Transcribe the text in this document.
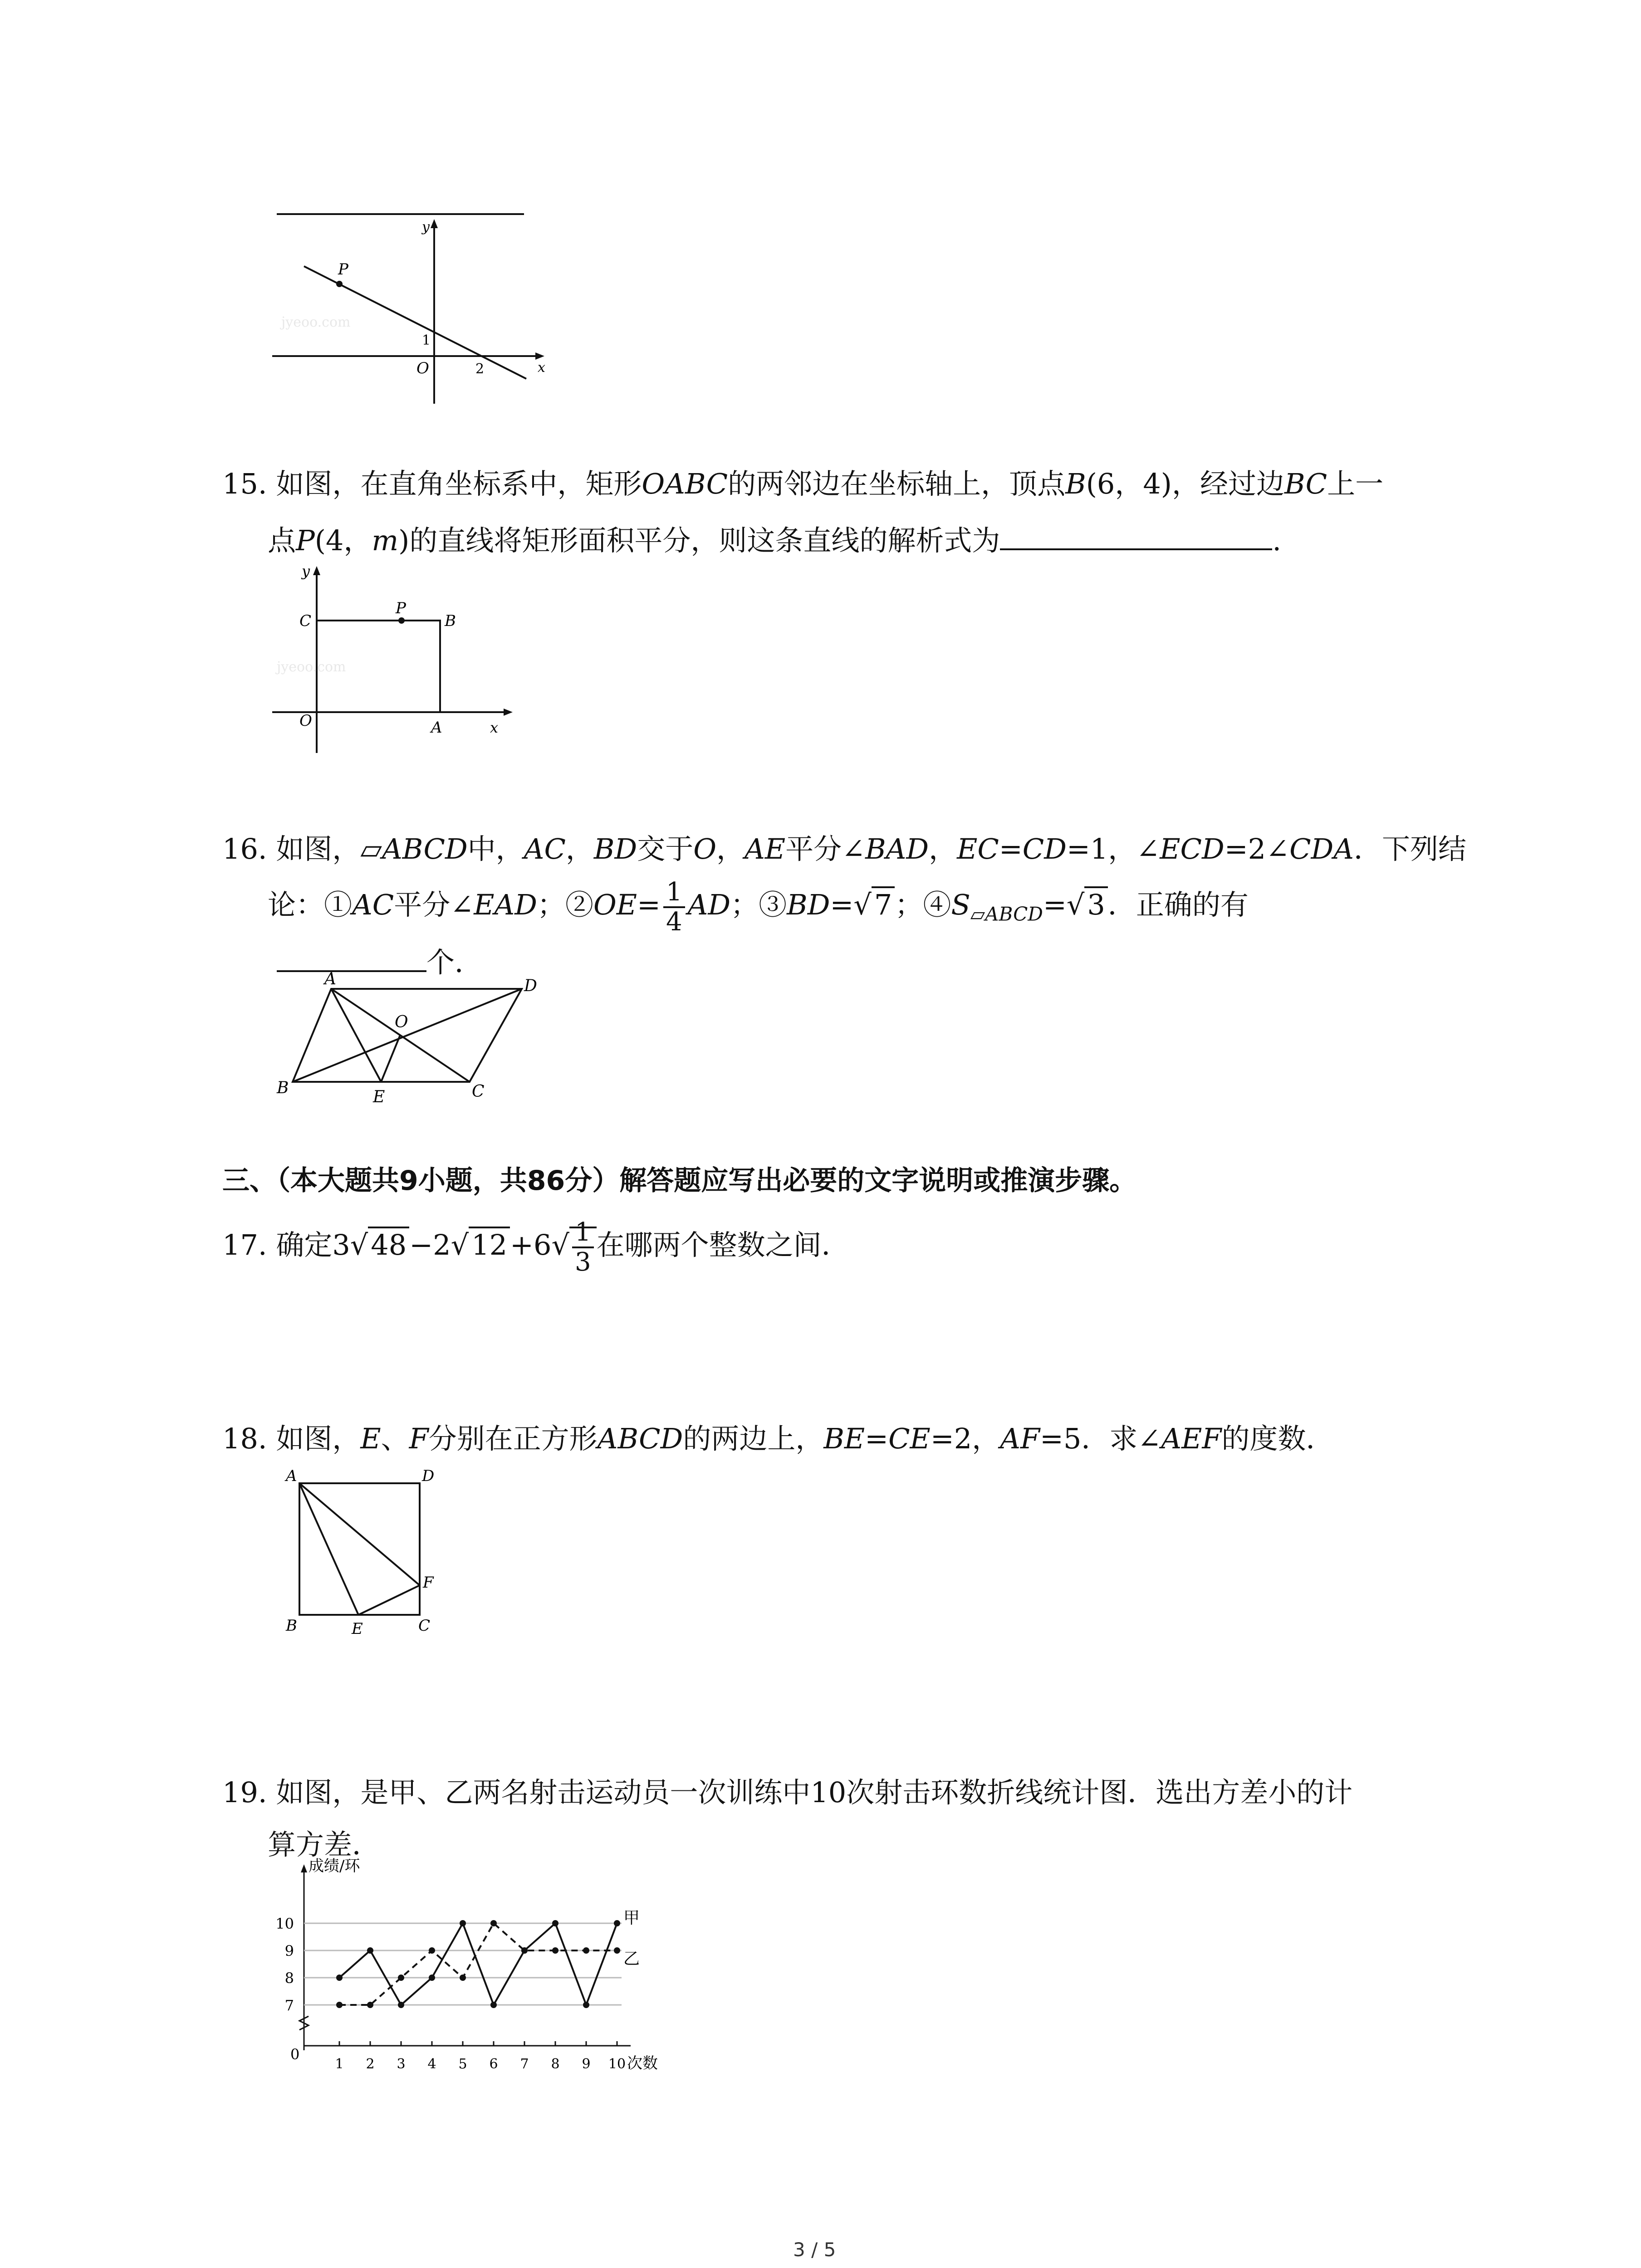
y
P
1
O	2	x
jyeoo.com
15. 如图，在直角坐标系中，矩形OABC的两邻边在坐标轴上，顶点B(6，4)，经过边BC上一
点P(4，m)的直线将矩形面积平分，则这条直线的解析式为	.
y
C
P
B
O	A	x
jyeoo.com
16. 如图，▱ABCD中，AC，BD交于O，AE平分∠BAD，EC=CD=1，∠ECD=2∠CDA．下列结
论：①AC平分∠EAD；②OE= $\frac{1}{4}$ AD；③BD=√7；$④S_{▱ABCD}=√3$．正确的有
个．
A	D
O
B	E	C
三、（本大题共9小题，共86分）解答题应写出必要的文字说明或推演步骤。
17. 确定$3√48-2√12+6√ \frac{1}{3}$ 在哪两个整数之间．
18. 如图，E、F分别在正方形ABCD的两边上，BE=CE=2，AF=5．求∠AEF的度数．
A	D
F
B	E	C
19. 如图，是甲、乙两名射击运动员一次训练中10次射击环数折线统计图．选出方差小的计
算方差．
7
8
9
10
0
1 2 3 4 5 6 7 8 9 10
成绩/环
次数
甲
乙
3 / 5
